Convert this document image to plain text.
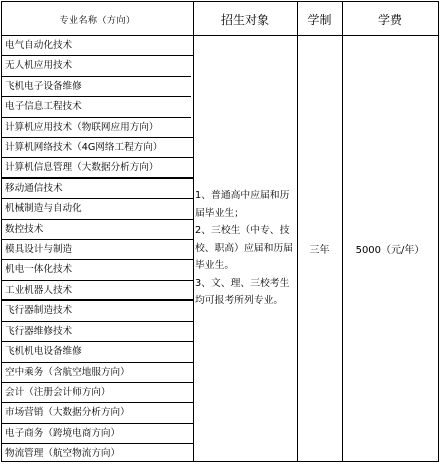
专业名称（方向）	招生对象	学制	学费
电气自动化技术
无人机应用技术
飞机电子设备维修
电子信息工程技术
计算机应用技术（物联网应用方向）
计算机网络技术（4G网络工程方向）
计算机信息管理（大数据分析方向）
移动通信技术
机械制造与自动化
数控技术
模具设计与制造
机电一体化技术
工业机器人技术
飞行器制造技术
飞行器维修技术
飞机机电设备维修
空中乘务（含航空地服方向）
会计（注册会计师方向）
市场营销（大数据分析方向）
电子商务（跨境电商方向）
物流管理（航空物流方向）
1、普通高中应届和历
届毕业生；
2、三校生（中专、技
校、职高）应届和历届
毕业生。
3、文、理、三校考生
均可报考所列专业。
三年	5000（元/年）
